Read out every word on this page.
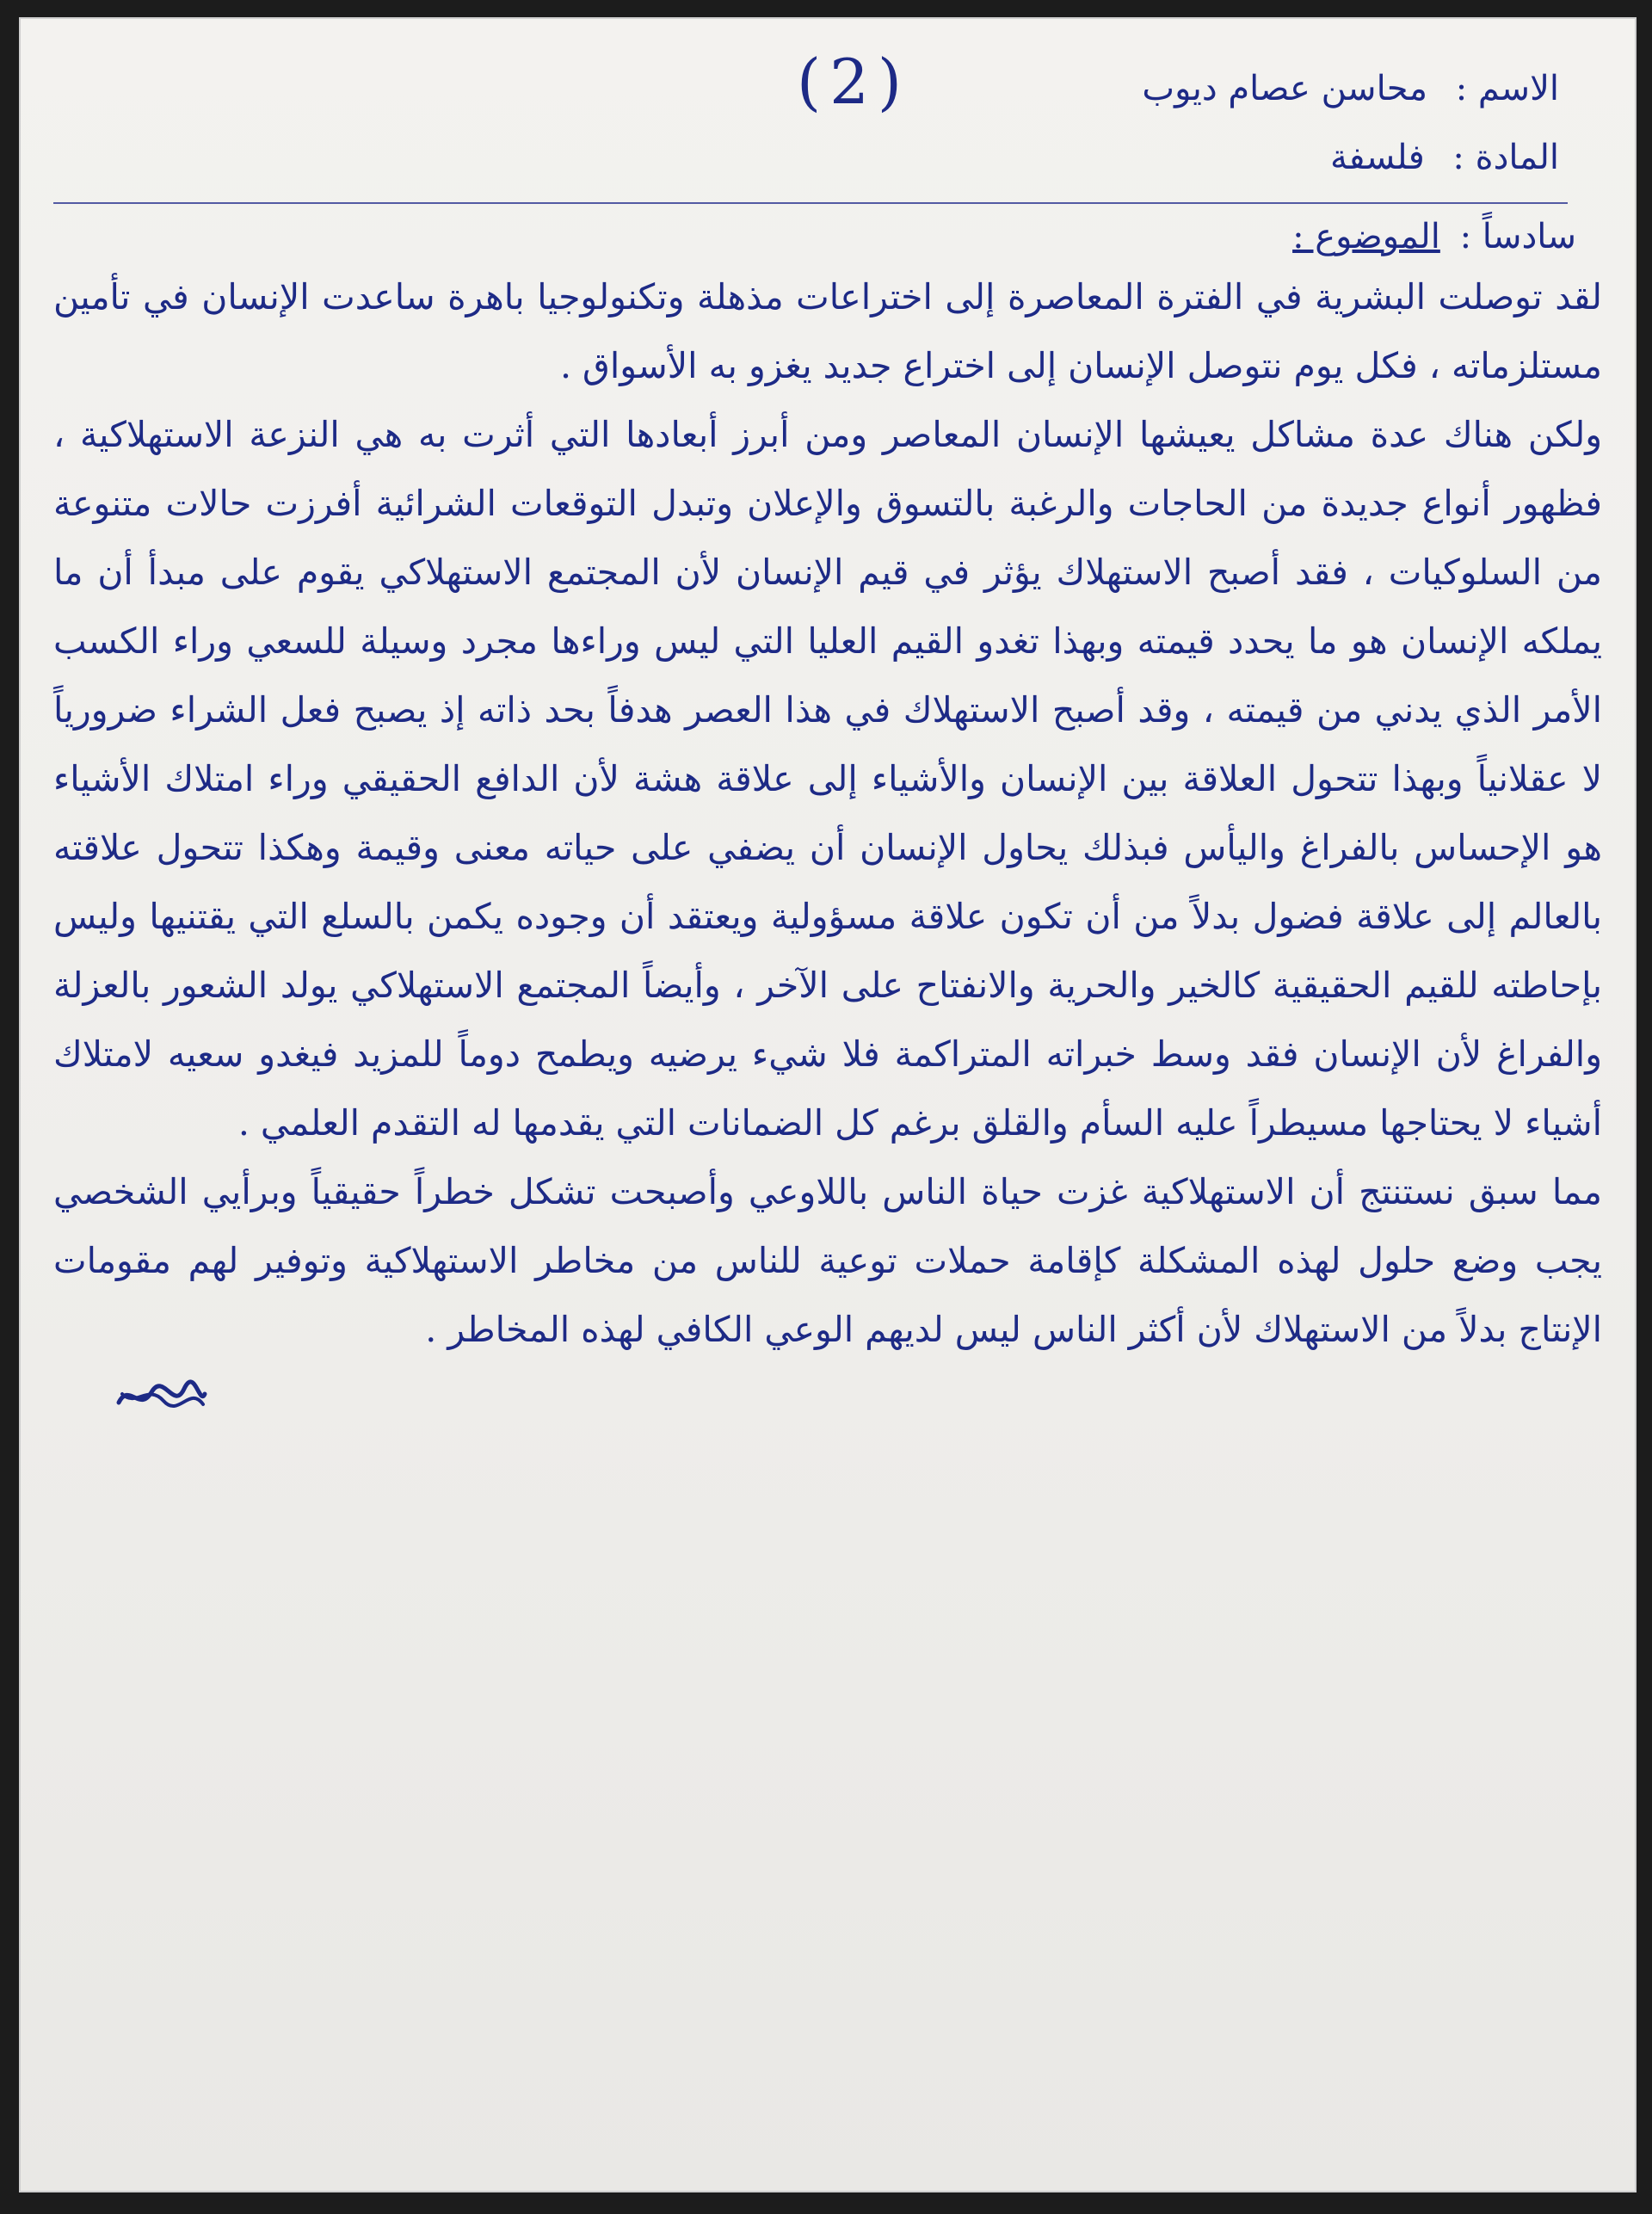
(2)	الاسم : محاسن عصام ديوب
المادة : فلسفة
سادساً : الموضوع :

لقد توصلت البشرية في الفترة المعاصرة إلى اختراعات مذهلة وتكنولوجيا باهرة ساعدت الإنسان في تأمين مستلزماته ، فكل يوم نتوصل الإنسان إلى اختراع جديد يغزو به الأسواق .

ولكن هناك عدة مشاكل يعيشها الإنسان المعاصر ومن أبرز أبعادها التي أثرت به هي النزعة الاستهلاكية ، فظهور أنواع جديدة من الحاجات والرغبة بالتسوق والإعلان وتبدل التوقعات الشرائية أفرزت حالات متنوعة من السلوكيات ، فقد أصبح الاستهلاك يؤثر في قيم الإنسان لأن المجتمع الاستهلاكي يقوم على مبدأ أن ما يملكه الإنسان هو ما يحدد قيمته وبهذا تغدو القيم العليا التي ليس وراءها مجرد وسيلة للسعي وراء الكسب الأمر الذي يدني من قيمته ، وقد أصبح الاستهلاك في هذا العصر هدفاً بحد ذاته إذ يصبح فعل الشراء ضرورياً لا عقلانياً وبهذا تتحول العلاقة بين الإنسان والأشياء إلى علاقة هشة لأن الدافع الحقيقي وراء امتلاك الأشياء هو الإحساس بالفراغ واليأس فبذلك يحاول الإنسان أن يضفي على حياته معنى وقيمة وهكذا تتحول علاقته بالعالم إلى علاقة فضول بدلاً من أن تكون علاقة مسؤولية ويعتقد أن وجوده يكمن بالسلع التي يقتنيها وليس بإحاطته للقيم الحقيقية كالخير والحرية والانفتاح على الآخر ، وأيضاً المجتمع الاستهلاكي يولد الشعور بالعزلة والفراغ لأن الإنسان فقد وسط خبراته المتراكمة فلا شيء يرضيه ويطمح دوماً للمزيد فيغدو سعيه لامتلاك أشياء لا يحتاجها مسيطراً عليه السأم والقلق برغم كل الضمانات التي يقدمها له التقدم العلمي .

مما سبق نستنتج أن الاستهلاكية غزت حياة الناس باللاوعي وأصبحت تشكل خطراً حقيقياً وبرأيي الشخصي يجب وضع حلول لهذه المشكلة كإقامة حملات توعية للناس من مخاطر الاستهلاكية وتوفير لهم مقومات الإنتاج بدلاً من الاستهلاك لأن أكثر الناس ليس لديهم الوعي الكافي لهذه المخاطر .
